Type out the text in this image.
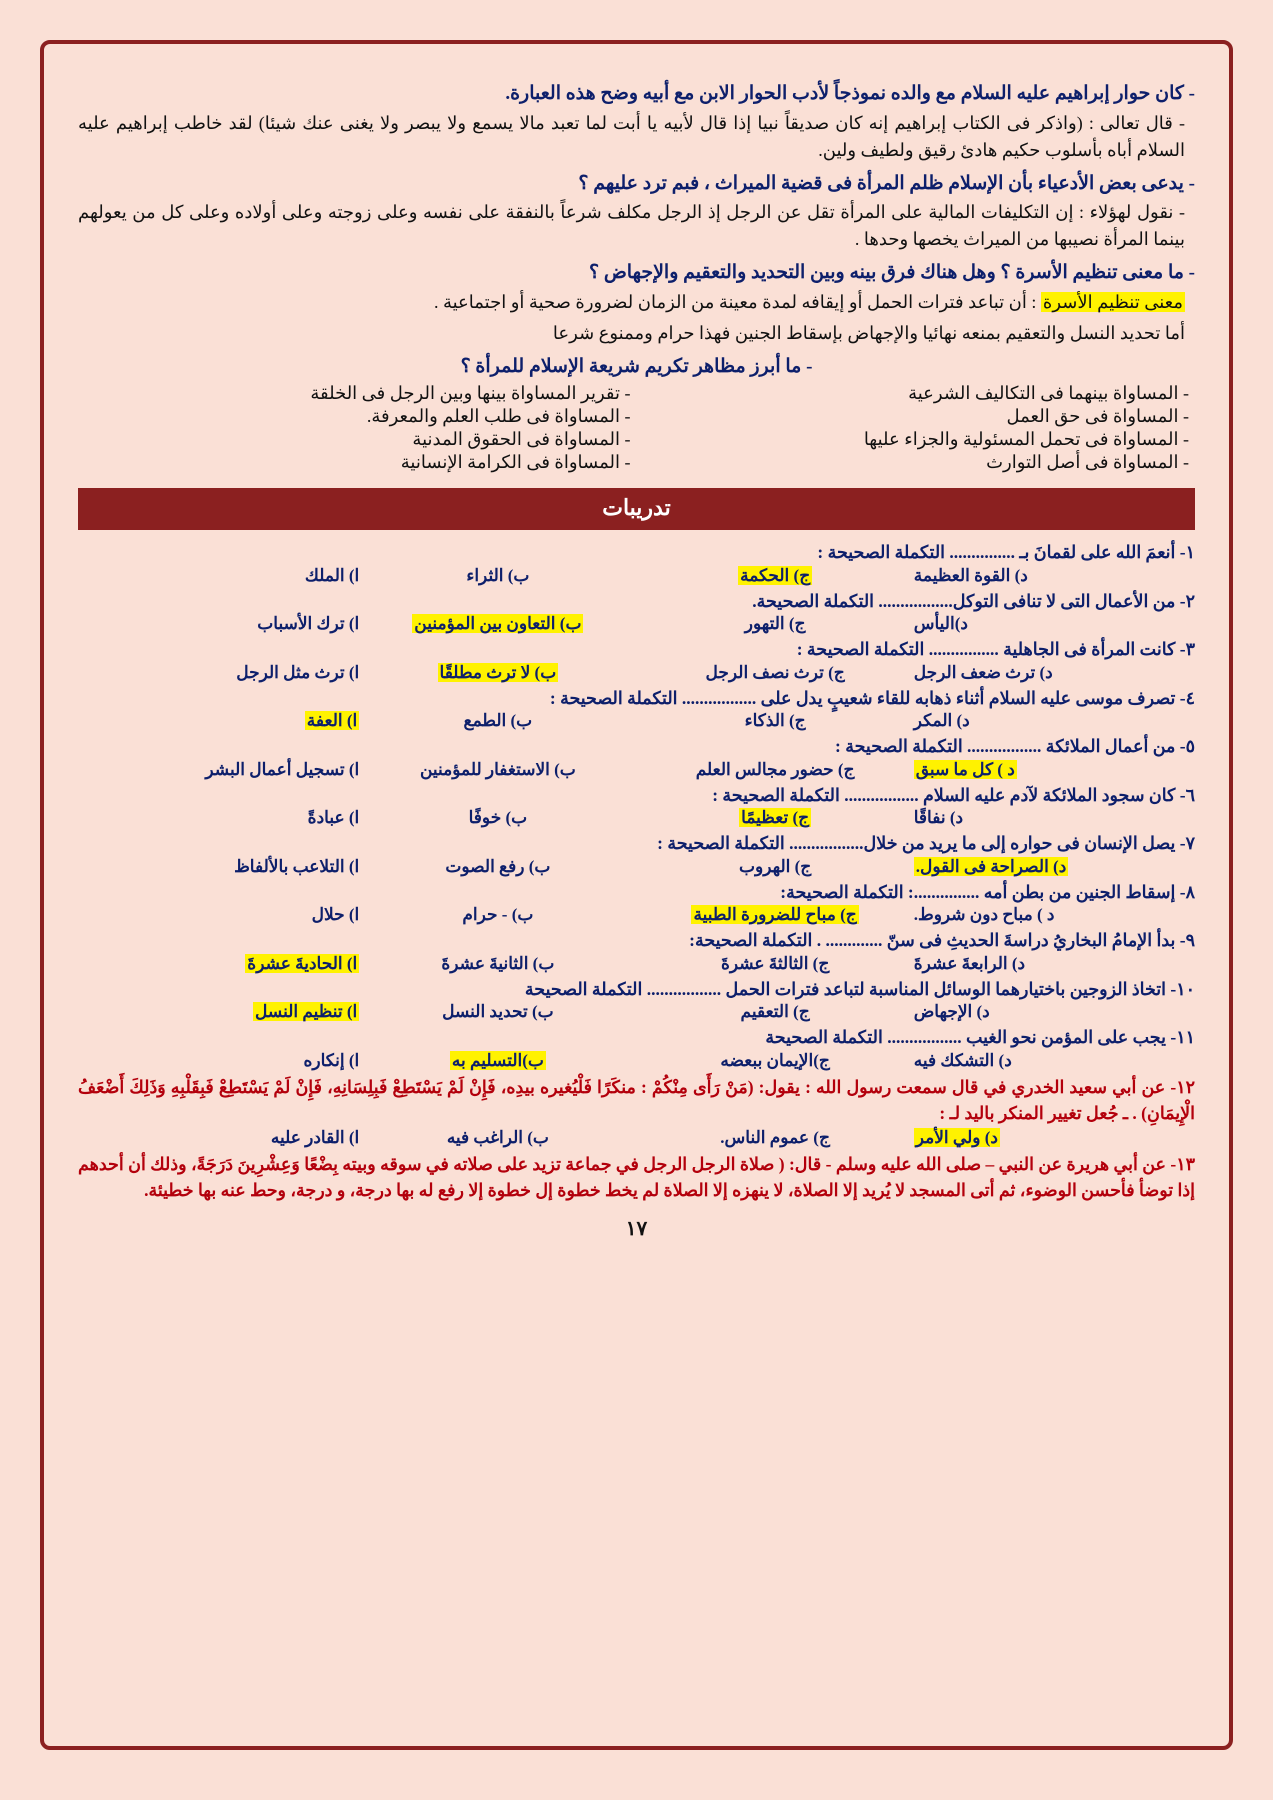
- كان حوار إبراهيم عليه السلام مع والده نموذجاً لأدب الحوار الابن مع أبيه وضح هذه العبارة.
- قال تعالى : (واذكر فى الكتاب إبراهيم إنه كان صديقاً نبيا إذا قال لأبيه يا أبت لما تعبد مالا يسمع ولا يبصر ولا يغنى عنك شيئا) لقد خاطب إبراهيم عليه السلام أباه بأسلوب حكيم هادئ رقيق ولطيف ولين.
- يدعى بعض الأدعياء بأن الإسلام ظلم المرأة فى قضية الميراث ، فبم ترد عليهم ؟
- نقول لهؤلاء : إن التكليفات المالية على المرأة تقل عن الرجل إذ الرجل مكلف شرعاً بالنفقة على نفسه وعلى زوجته وعلى أولاده وعلى كل من يعولهم بينما المرأة نصيبها من الميراث يخصها وحدها .
- ما معنى تنظيم الأسرة ؟ وهل هناك فرق بينه وبين التحديد والتعقيم والإجهاض ؟
معنى تنظيم الأسرة : أن تباعد فترات الحمل أو إيقافه لمدة معينة من الزمان لضرورة صحية أو اجتماعية .
أما تحديد النسل والتعقيم بمنعه نهائيا والإجهاض بإسقاط الجنين فهذا حرام وممنوع شرعا
- ما أبرز مظاهر تكريم شريعة الإسلام للمرأة ؟
- تقرير المساواة بينها وبين الرجل فى الخلقة	- المساواة بينهما فى التكاليف الشرعية
- المساواة فى طلب العلم والمعرفة.	- المساواة فى حق العمل
- المساواة فى الحقوق المدنية	- المساواة فى تحمل المسئولية والجزاء عليها
- المساواة فى الكرامة الإنسانية	- المساواة فى أصل التوارث
تدريبات
١- أنعمَ الله على لقمانَ بـ ............... التكملة الصحيحة :
ا) الملك	ب) الثراء	ج) الحكمة	د) القوة العظيمة
٢- من الأعمال التى لا تنافى التوكل................. التكملة الصحيحة.
ا) ترك الأسباب	ب) التعاون بين المؤمنين	ج) التهور	د)اليأس
٣- كانت المرأة فى الجاهلية ................ التكملة الصحيحة :
ا) ترث مثل الرجل	ب) لا ترث مطلقًا	ج) ترث نصف الرجل	د) ترث ضعف الرجل
٤- تصرف موسى عليه السلام أثناء ذهابه للقاء شعيبٍ يدل على ................. التكملة الصحيحة :
ا) العفة	ب) الطمع	ج) الذكاء	د) المكر
٥- من أعمال الملائكة ................. التكملة الصحيحة :
ا) تسجيل أعمال البشر	ب) الاستغفار للمؤمنين	ج) حضور مجالس العلم	د ) كل ما سبق
٦- كان سجود الملائكة لآدم عليه السلام ................. التكملة الصحيحة :
ا) عبادةً	ب) خوفًا	ج) تعظيمًا	د) نفاقًا
٧- يصل الإنسان فى حواره إلى ما يريد من خلال................. التكملة الصحيحة :
ا) التلاعب بالألفاظ	ب) رفع الصوت	ج) الهروب	د) الصراحة فى القول.
٨- إسقاط الجنين من بطن أمه ...............: التكملة الصحيحة:
ا) حلال	ب) - حرام	ج) مباح للضرورة الطبية	د ) مباح دون شروط.
٩- بدأ الإمامُ البخاريُ دراسةَ الحديثِ فى سنّ ............. . التكملة الصحيحة:
ا) الحاديةَ عشرةَ	ب) الثانيةَ عشرةَ	ج) الثالثةَ عشرةَ	د) الرابعةَ عشرةَ
١٠- اتخاذ الزوجين باختيارهما الوسائل المناسبة لتباعد فترات الحمل ................. التكملة الصحيحة
ا) تنظيم النسل	ب) تحديد النسل	ج) التعقيم	د) الإجهاض
١١- يجب على المؤمن نحو الغيب ................. التكملة الصحيحة
ا) إنكاره	ب)التسليم به	ج)الإيمان ببعضه	د) التشكك فيه
١٢- عن أبي سعيد الخدري في قال سمعت رسول الله : يقول: (مَنْ رَأَى مِنْكُمْ : منكَرًا فَلْيُغيره بيدِه، فَإِنْ لَمْ يَسْتَطِعْ فَبِلِسَانِهِ، فَإِنْ لَمْ يَسْتَطِعْ فَبِقَلْبِهِ وَذَلِكَ أَضْعَفُ الْإِيمَانِ) . ـ جُعل تغيير المنكر باليد لـ :
ا) القادر عليه	ب) الراغب فيه	ج) عموم الناس.	د) ولي الأمر
١٣- عن أبي هريرة عن النبي – صلى الله عليه وسلم - قال: ( صلاة الرجل الرجل في جماعة تزيد على صلاته في سوقه وبيته بِضْعًا وَعِشْرِينَ دَرَجَةً، وذلك أن أحدهم إذا توضأ فأحسن الوضوء، ثم أتى المسجد لا يُريد إلا الصلاة، لا ينهزه إلا الصلاة لم يخط خطوة إل خطوة إلا رفع له بها درجة، و درجة، وحط عنه بها خطيئة.
١٧
